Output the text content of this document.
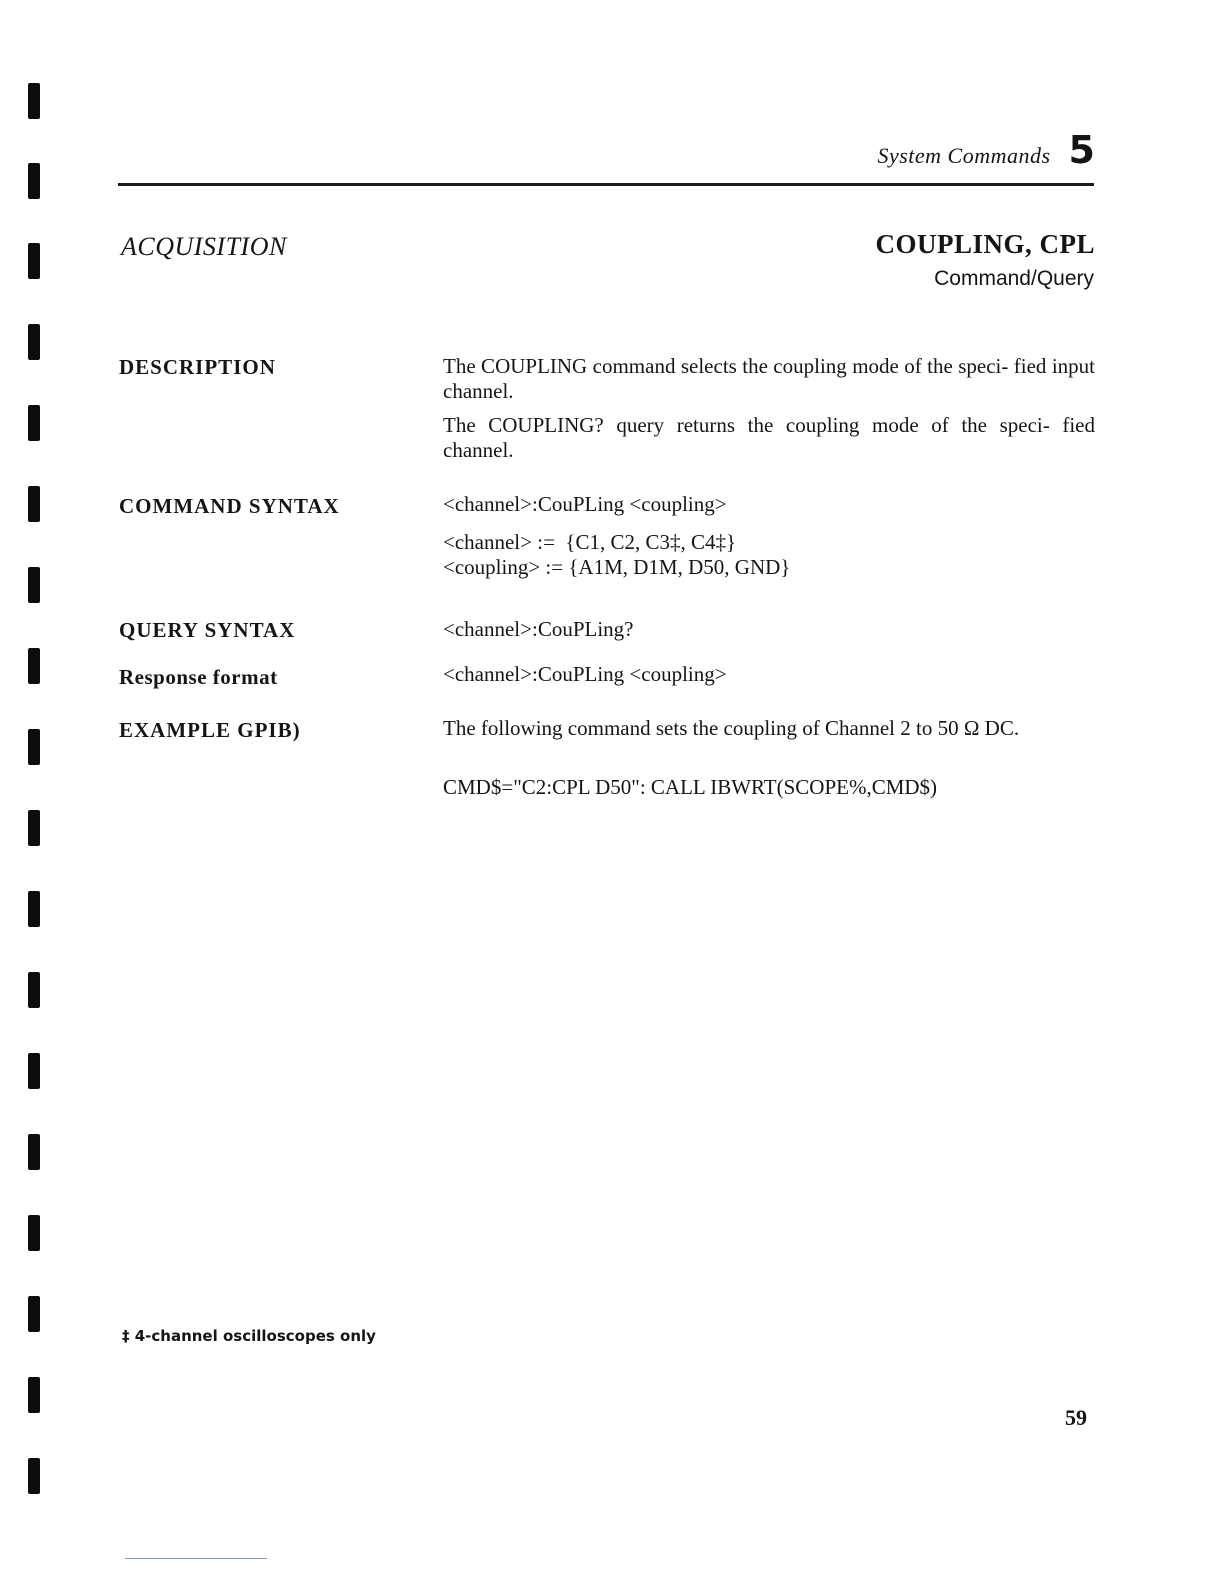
System Commands 5
ACQUISITION	COUPLING, CPL
Command/Query
DESCRIPTION	The COUPLING command selects the coupling mode of the speci- fied input channel.
The COUPLING? query returns the coupling mode of the speci- fied channel.
COMMAND SYNTAX	<channel>:CouPLing <coupling>
<channel> :=  {C1, C2, C3‡, C4‡}
<coupling> := {A1M, D1M, D50, GND}
QUERY SYNTAX	<channel>:CouPLing?
Response format	<channel>:CouPLing <coupling>
EXAMPLE GPIB)	The following command sets the coupling of Channel 2 to 50 Ω DC.
CMD$="C2:CPL D50": CALL IBWRT(SCOPE%,CMD$)
‡ 4-channel oscilloscopes only
59
